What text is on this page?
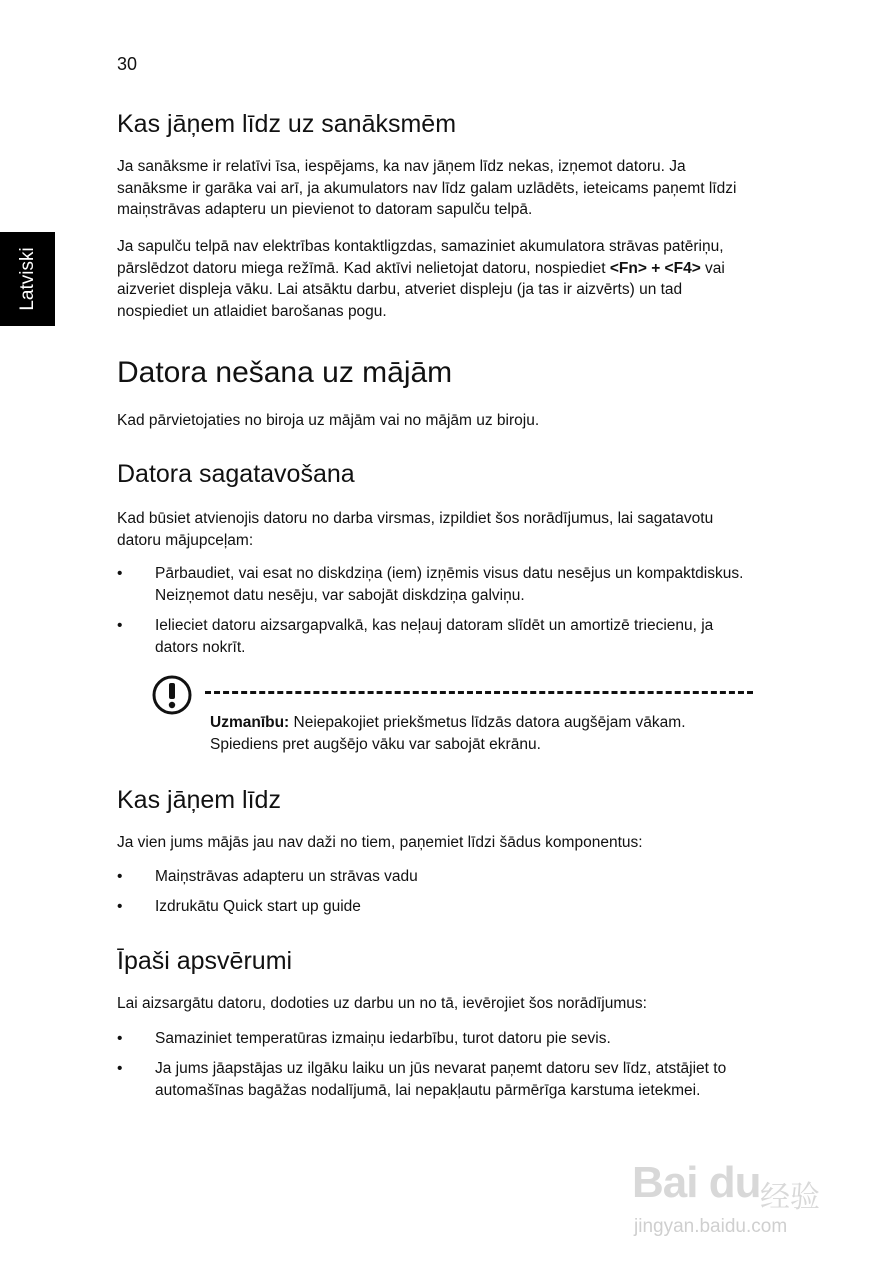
30
Latviski
Kas jāņem līdz uz sanāksmēm

Ja sanāksme ir relatīvi īsa, iespējams, ka nav jāņem līdz nekas, izņemot datoru. Ja sanāksme ir garāka vai arī, ja akumulators nav līdz galam uzlādēts, ieteicams paņemt līdzi maiņstrāvas adapteru un pievienot to datoram sapulču telpā.

Ja sapulču telpā nav elektrības kontaktligzdas, samaziniet akumulatora strāvas patēriņu, pārslēdzot datoru miega režīmā. Kad aktīvi nelietojat datoru, nospiediet <Fn> + <F4> vai aizveriet displeja vāku. Lai atsāktu darbu, atveriet displeju (ja tas ir aizvērts) un tad nospiediet un atlaidiet barošanas pogu.

Datora nešana uz mājām

Kad pārvietojaties no biroja uz mājām vai no mājām uz biroju.

Datora sagatavošana

Kad būsiet atvienojis datoru no darba virsmas, izpildiet šos norādījumus, lai sagatavotu datoru mājupceļam:

• Pārbaudiet, vai esat no diskdziņa (iem) izņēmis visus datu nesējus un kompaktdiskus. Neizņemot datu nesēju, var sabojāt diskdziņa galviņu.
• Ielieciet datoru aizsargapvalkā, kas neļauj datoram slīdēt un amortizē triecienu, ja dators nokrīt.
Uzmanību: Neiepakojiet priekšmetus līdzās datora augšējam vākam. Spiediens pret augšējo vāku var sabojāt ekrānu.
Kas jāņem līdz

Ja vien jums mājās jau nav daži no tiem, paņemiet līdzi šādus komponentus:

• Maiņstrāvas adapteru un strāvas vadu
• Izdrukātu Quick start up guide
Īpaši apsvērumi

Lai aizsargātu datoru, dodoties uz darbu un no tā, ievērojiet šos norādījumus:

• Samaziniet temperatūras izmaiņu iedarbību, turot datoru pie sevis.
• Ja jums jāapstājas uz ilgāku laiku un jūs nevarat paņemt datoru sev līdz, atstājiet to automašīnas bagāžas nodalījumā, lai nepakļautu pārmērīga karstuma ietekmei.
Bai du 经验
jingyan.baidu.com
